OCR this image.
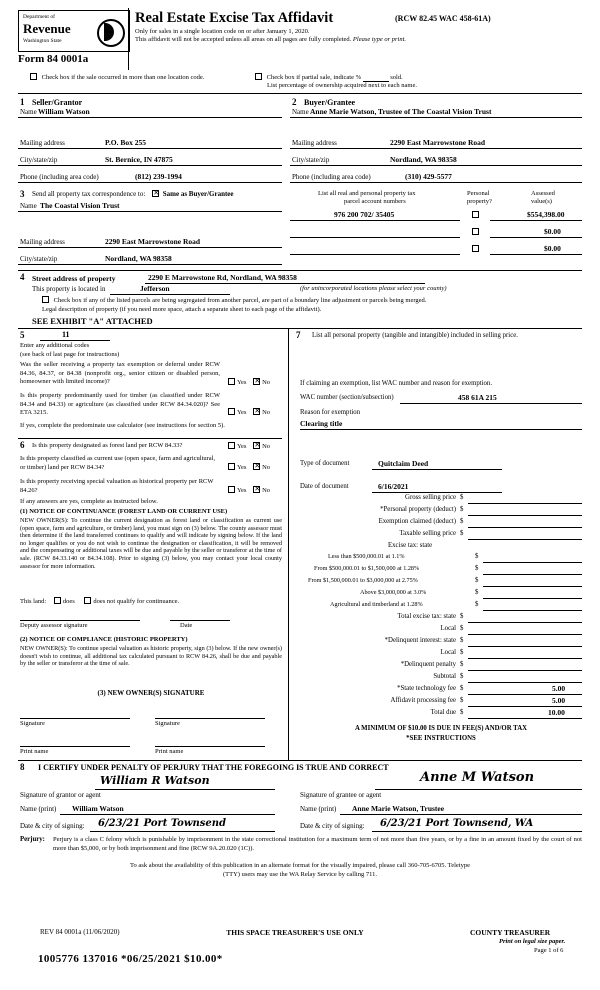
Department of
Revenue
Washington State
Real Estate Excise Tax Affidavit	(RCW 82.45 WAC 458-61A)
Only for sales in a single location code on or after January 1, 2020.
This affidavit will not be accepted unless all areas on all pages are fully completed. Please type or print.
Form 84 0001a
Check box if the sale occurred in more than one location code.	Check box if partial sale, indicate %	sold.
List percentage of ownership acquired next to each name.
1 Seller/Grantor	2 Buyer/Grantee
Name William Watson	Name Anne Marie Watson, Trustee of The Coastal Vision Trust
Mailing address	P.O. Box 255	Mailing address	2290 East Marrowstone Road
City/state/zip	St. Bernice, IN 47875	City/state/zip	Nordland, WA 98358
Phone (including area code)	(812) 239-1994	Phone (including area code)	(310) 429-5577
3 Send all property tax correspondence to: ✕	Same as Buyer/Grantee
Name The Coastal Vision Trust
Mailing address	2290 East Marrowstone Road
City/state/zip	Nordland, WA 98358
List all real and personal property tax
parcel account numbers
Personal
property?
Assessed
value(s)
976 200 702/ 35405	$554,398.00
$0.00
$0.00
4 Street address of property	2290 E Marrowstone Rd, Nordland, WA 98358
This property is located in	Jefferson	(for unincorporated locations please select your county)
Check box if any of the listed parcels are being segregated from another parcel, are part of a boundary line adjustment or parcels being merged.
Legal description of property (if you need more space, attach a separate sheet to each page of the affidavit).
SEE EXHIBIT "A" ATTACHED
5	11
Enter any additional codes
(see back of last page for instructions)
Was the seller receiving a property tax exemption or deferral under RCW 84.36, 84.37, or 84.38 (nonprofit org., senior citizen or disabled person, homeowner with limited income)?	Yes ✕ No
Is this property predominantly used for timber (as classified under RCW 84.34 and 84.33) or agriculture (as classified under RCW 84.34.020)? See ETA 3215.	Yes ✕ No
If yes, complete the predominate use calculator (see instructions for section 5).
6 Is this property designated as forest land per RCW 84.33?	Yes ✕ No
Is this property classified as current use (open space, farm and agricultural, or timber) land per RCW 84.34?	Yes ✕ No
Is this property receiving special valuation as historical property per RCW 84.26?	Yes ✕ No
If any answers are yes, complete as instructed below.
(1) NOTICE OF CONTINUANCE (FOREST LAND OR CURRENT USE)
NEW OWNER(S): To continue the current designation as forest land or classification as current use (open space, farm and agriculture, or timber) land, you must sign on (3) below. The county assessor must then determine if the land transferred continues to qualify and will indicate by signing below. If the land no longer qualifies or you do not wish to continue the designation or classification, it will be removed and the compensating or additional taxes will be due and payable by the seller or transferor at the time of sale. (RCW 84.33.140 or 84.34.108). Prior to signing (3) below, you may contact your local county assessor for more information.
This land:	does	does not qualify for continuance.
Deputy assessor signature	Date
(2) NOTICE OF COMPLIANCE (HISTORIC PROPERTY)
NEW OWNER(S): To continue special valuation as historic property, sign (3) below. If the new owner(s) doesn't wish to continue, all additional tax calculated pursuant to RCW 84.26, shall be due and payable by the seller or transferor at the time of sale.
(3) NEW OWNER(S) SIGNATURE
Signature	Signature
Print name	Print name
7 List all personal property (tangible and intangible) included in selling price.
If claiming an exemption, list WAC number and reason for exemption.
WAC number (section/subsection)	458 61A 215
Reason for exemption
Clearing title
Type of document	Quitclaim Deed
Date of document	6/16/2021
Gross selling price $
*Personal property (deduct) $
Exemption claimed (deduct) $
Taxable selling price $
Excise tax: state
Less than $500,000.01 at 1.1%	$
From $500,000.01 to $1,500,000 at 1.28%	$
From $1,500,000.01 to $3,000,000 at 2.75%	$
Above $3,000,000 at 3.0%	$
Agricultural and timberland at 1.28%	$
Total excise tax: state $
Local $
*Delinquent interest: state $
Local $
*Delinquent penalty $
Subtotal $
*State technology fee $	5.00
Affidavit processing fee $	5.00
Total due $	10.00
A MINIMUM OF $10.00 IS DUE IN FEE(S) AND/OR TAX
*SEE INSTRUCTIONS
8 I CERTIFY UNDER PENALTY OF PERJURY THAT THE FOREGOING IS TRUE AND CORRECT
William R Watson	Anne M Watson
Signature of grantor or agent	Signature of grantee or agent
Name (print) William Watson	Name (print) Anne Marie Watson, Trustee
Date & city of signing: 6/23/21 Port Townsend	Date & city of signing: 6/23/21 Port Townsend, WA
Perjury: Perjury is a class C felony which is punishable by imprisonment in the state correctional institution for a maximum term of not more than five years, or by a fine in an amount fixed by the court of not more than $5,000, or by both imprisonment and fine (RCW 9A.20.020 (1C)).
To ask about the availability of this publication in an alternate format for the visually impaired, please call 360-705-6705. Teletype
(TTY) users may use the WA Relay Service by calling 711.
REV 84 0001a (11/06/2020)	THIS SPACE TREASURER'S USE ONLY	COUNTY TREASURER
Print on legal size paper.
Page 1 of 6
1005776 137016 *06/25/2021 $10.00*
